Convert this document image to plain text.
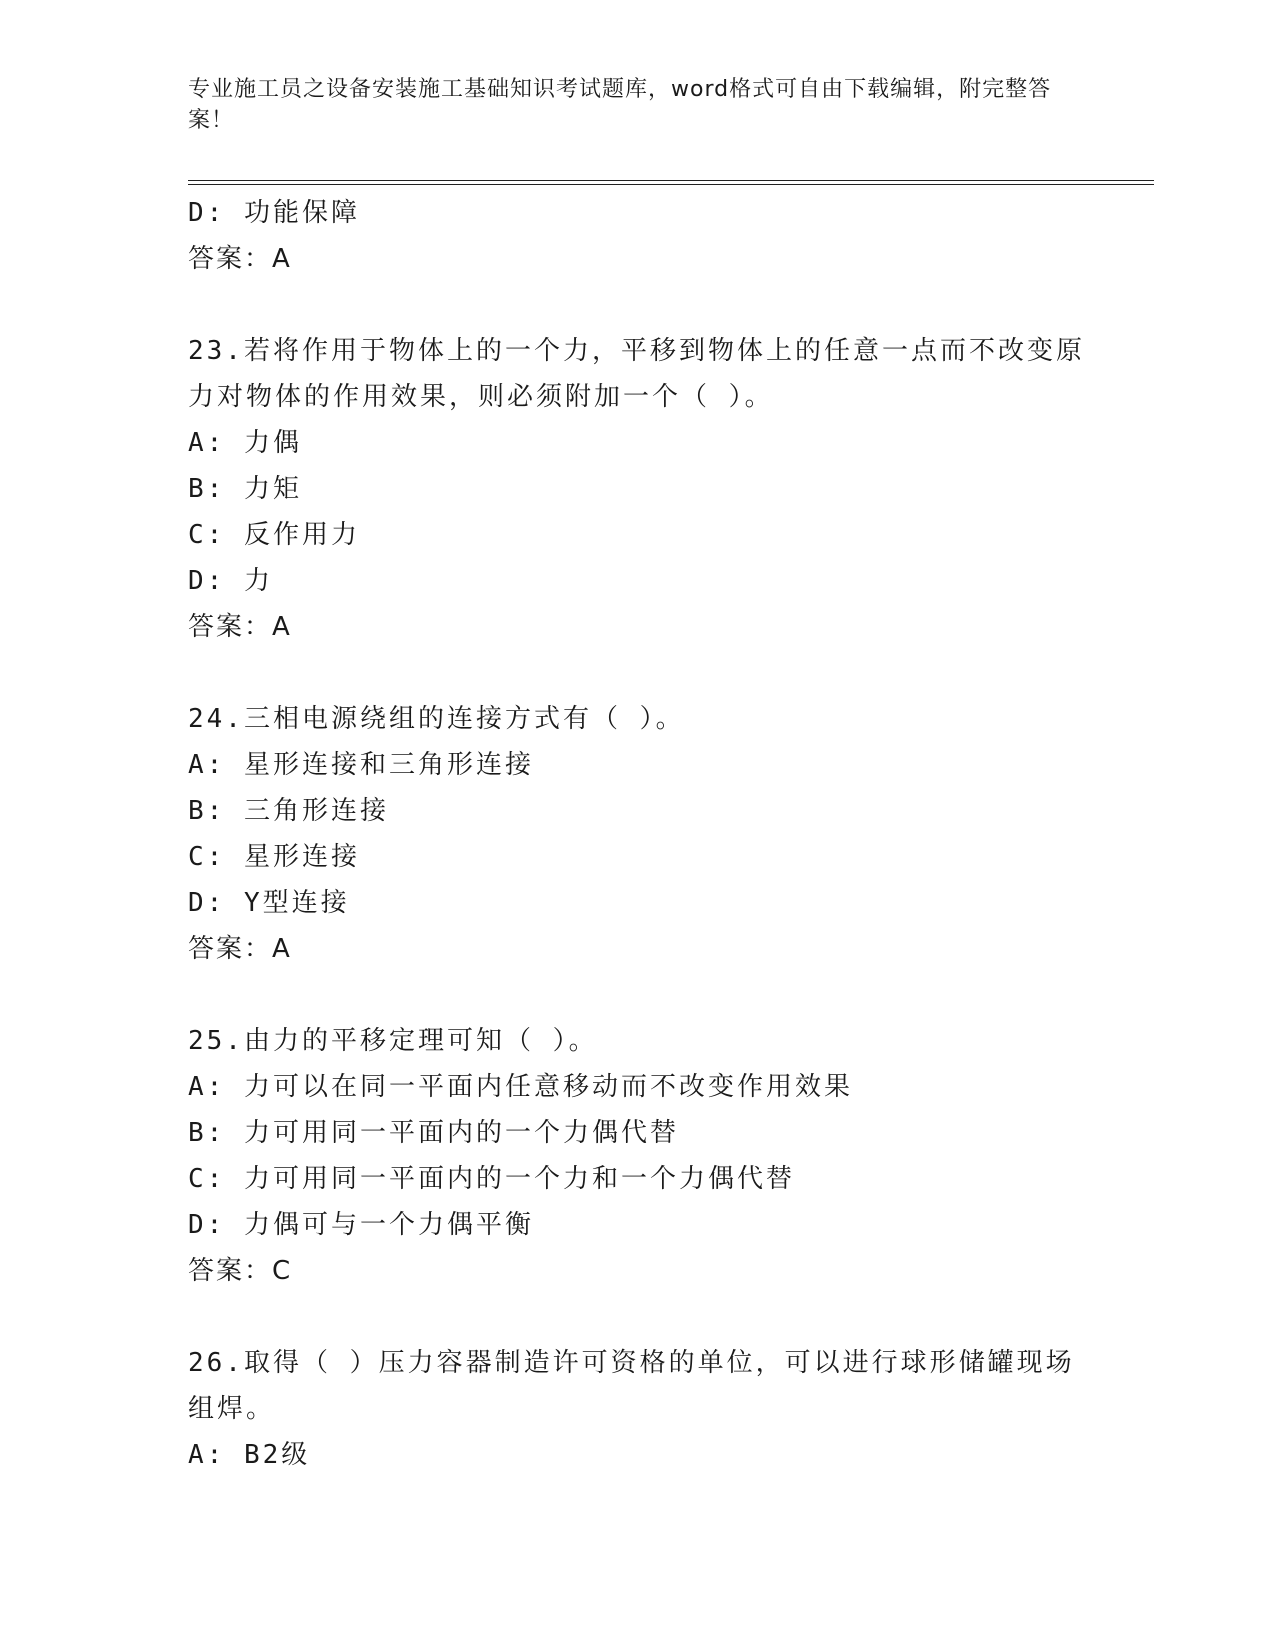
专业施工员之设备安装施工基础知识考试题库，word格式可自由下载编辑，附完整答案！
D: 功能保障
答案：A
23.若将作用于物体上的一个力，平移到物体上的任意一点而不改变原力对物体的作用效果，则必须附加一个（ ）。
A: 力偶
B: 力矩
C: 反作用力
D: 力
答案：A
24.三相电源绕组的连接方式有（ ）。
A: 星形连接和三角形连接
B: 三角形连接
C: 星形连接
D: Y型连接
答案：A
25.由力的平移定理可知（ ）。
A: 力可以在同一平面内任意移动而不改变作用效果
B: 力可用同一平面内的一个力偶代替
C: 力可用同一平面内的一个力和一个力偶代替
D: 力偶可与一个力偶平衡
答案：C
26.取得（ ）压力容器制造许可资格的单位，可以进行球形储罐现场组焊。
A: B2级
